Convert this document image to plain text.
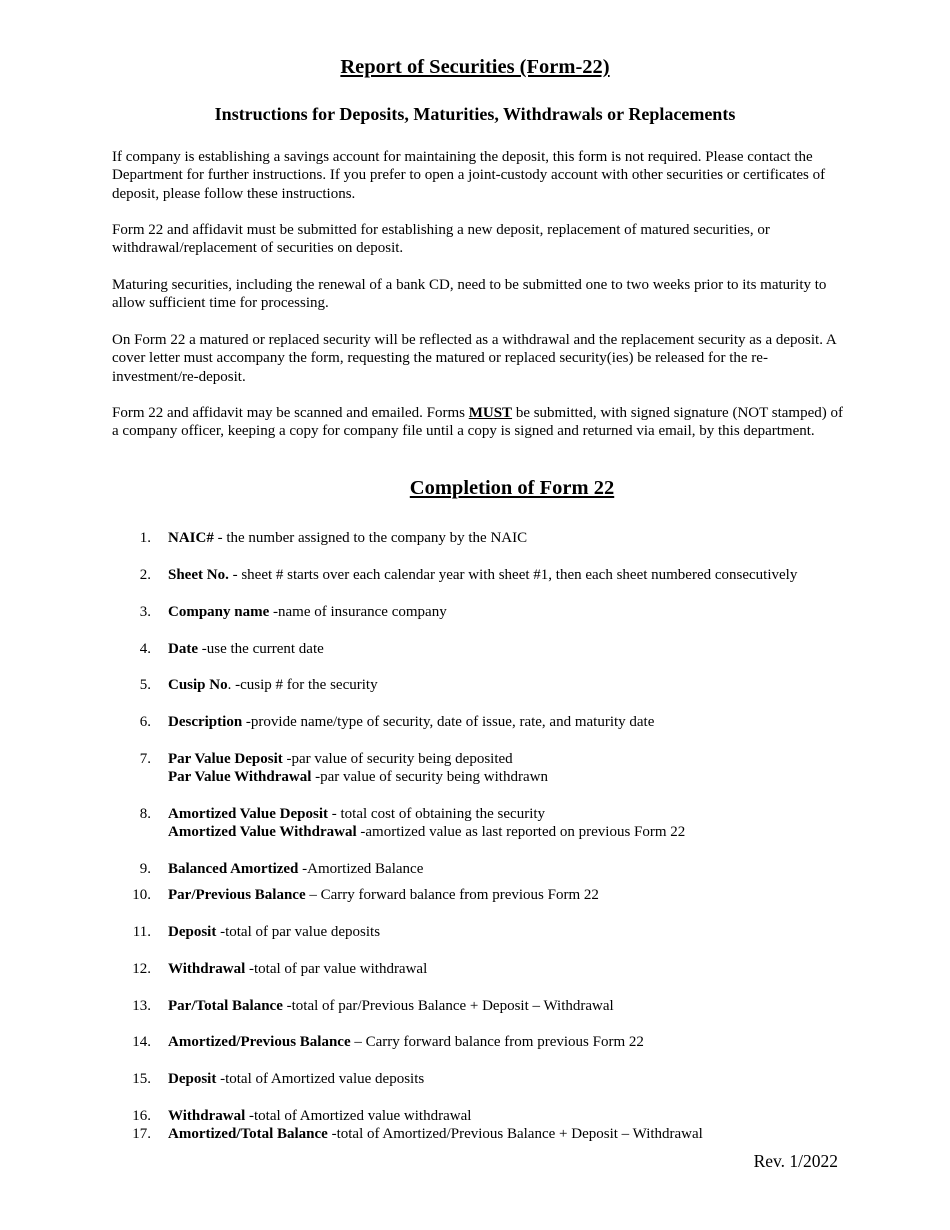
Report of Securities (Form-22)
Instructions for Deposits, Maturities, Withdrawals or Replacements

If company is establishing a savings account for maintaining the deposit, this form is not required. Please contact the Department for further instructions. If you prefer to open a joint-custody account with other securities or certificates of deposit, please follow these instructions.

Form 22 and affidavit must be submitted for establishing a new deposit, replacement of matured securities, or withdrawal/replacement of securities on deposit.

Maturing securities, including the renewal of a bank CD, need to be submitted one to two weeks prior to its maturity to allow sufficient time for processing.

On Form 22 a matured or replaced security will be reflected as a withdrawal and the replacement security as a deposit. A cover letter must accompany the form, requesting the matured or replaced security(ies) be released for the re-investment/re-deposit.

Form 22 and affidavit may be scanned and emailed. Forms MUST be submitted, with signed signature (NOT stamped) of a company officer, keeping a copy for company file until a copy is signed and returned via email, by this department.

Completion of Form 22
1. NAIC# - the number assigned to the company by the NAIC
2. Sheet No. - sheet # starts over each calendar year with sheet #1, then each sheet numbered consecutively
3. Company name -name of insurance company
4. Date -use the current date
5. Cusip No. -cusip # for the security
6. Description -provide name/type of security, date of issue, rate, and maturity date
7. Par Value Deposit -par value of security being deposited
Par Value Withdrawal -par value of security being withdrawn
8. Amortized Value Deposit - total cost of obtaining the security
Amortized Value Withdrawal -amortized value as last reported on previous Form 22
9. Balanced Amortized -Amortized Balance
10. Par/Previous Balance – Carry forward balance from previous Form 22
11. Deposit -total of par value deposits
12. Withdrawal -total of par value withdrawal
13. Par/Total Balance -total of par/Previous Balance + Deposit – Withdrawal
14. Amortized/Previous Balance – Carry forward balance from previous Form 22
15. Deposit -total of Amortized value deposits
16. Withdrawal -total of Amortized value withdrawal
17. Amortized/Total Balance -total of Amortized/Previous Balance + Deposit – Withdrawal
Rev. 1/2022
